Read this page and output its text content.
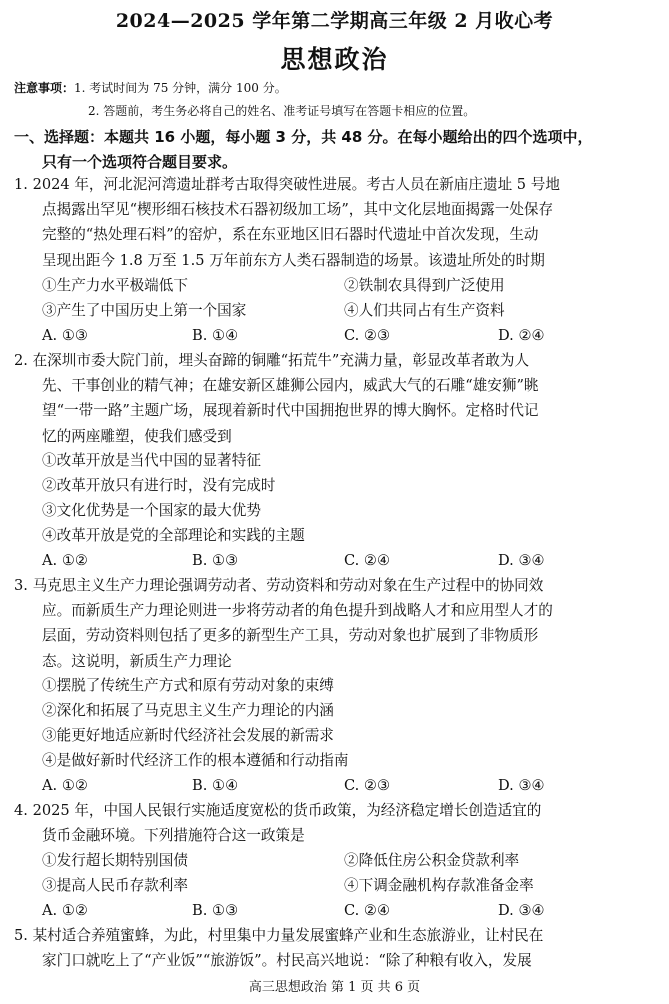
2024—2025 学年第二学期高三年级 2 月收心考
思想政治
注意事项：1. 考试时间为 75 分钟，满分 100 分。
2. 答题前，考生务必将自己的姓名、准考证号填写在答题卡相应的位置。
一、选择题：本题共 16 小题，每小题 3 分，共 48 分。在每小题给出的四个选项中，
只有一个选项符合题目要求。
1. 2024 年，河北泥河湾遗址群考古取得突破性进展。考古人员在新庙庄遗址 5 号地
点揭露出罕见“楔形细石核技术石器初级加工场”，其中文化层地面揭露一处保存
完整的“热处理石料”的窑炉，系在东亚地区旧石器时代遗址中首次发现，生动
呈现出距今 1.8 万至 1.5 万年前东方人类石器制造的场景。该遗址所处的时期
①生产力水平极端低下	②铁制农具得到广泛使用
③产生了中国历史上第一个国家	④人们共同占有生产资料
A. ①③	B. ①④	C. ②③	D. ②④
2. 在深圳市委大院门前，埋头奋蹄的铜雕“拓荒牛”充满力量，彰显改革者敢为人
先、干事创业的精气神；在雄安新区雄狮公园内，威武大气的石雕“雄安狮”眺
望“一带一路”主题广场，展现着新时代中国拥抱世界的博大胸怀。定格时代记
忆的两座雕塑，使我们感受到
①改革开放是当代中国的显著特征
②改革开放只有进行时，没有完成时
③文化优势是一个国家的最大优势
④改革开放是党的全部理论和实践的主题
A. ①②	B. ①③	C. ②④	D. ③④
3. 马克思主义生产力理论强调劳动者、劳动资料和劳动对象在生产过程中的协同效
应。而新质生产力理论则进一步将劳动者的角色提升到战略人才和应用型人才的
层面，劳动资料则包括了更多的新型生产工具，劳动对象也扩展到了非物质形
态。这说明，新质生产力理论
①摆脱了传统生产方式和原有劳动对象的束缚
②深化和拓展了马克思主义生产力理论的内涵
③能更好地适应新时代经济社会发展的新需求
④是做好新时代经济工作的根本遵循和行动指南
A. ①②	B. ①④	C. ②③	D. ③④
4. 2025 年，中国人民银行实施适度宽松的货币政策，为经济稳定增长创造适宜的
货币金融环境。下列措施符合这一政策是
①发行超长期特别国债	②降低住房公积金贷款利率
③提高人民币存款利率	④下调金融机构存款准备金率
A. ①②	B. ①③	C. ②④	D. ③④
5. 某村适合养殖蜜蜂，为此，村里集中力量发展蜜蜂产业和生态旅游业，让村民在
家门口就吃上了“产业饭”“旅游饭”。村民高兴地说：“除了种粮有收入，发展
高三思想政治 第 1 页 共 6 页
